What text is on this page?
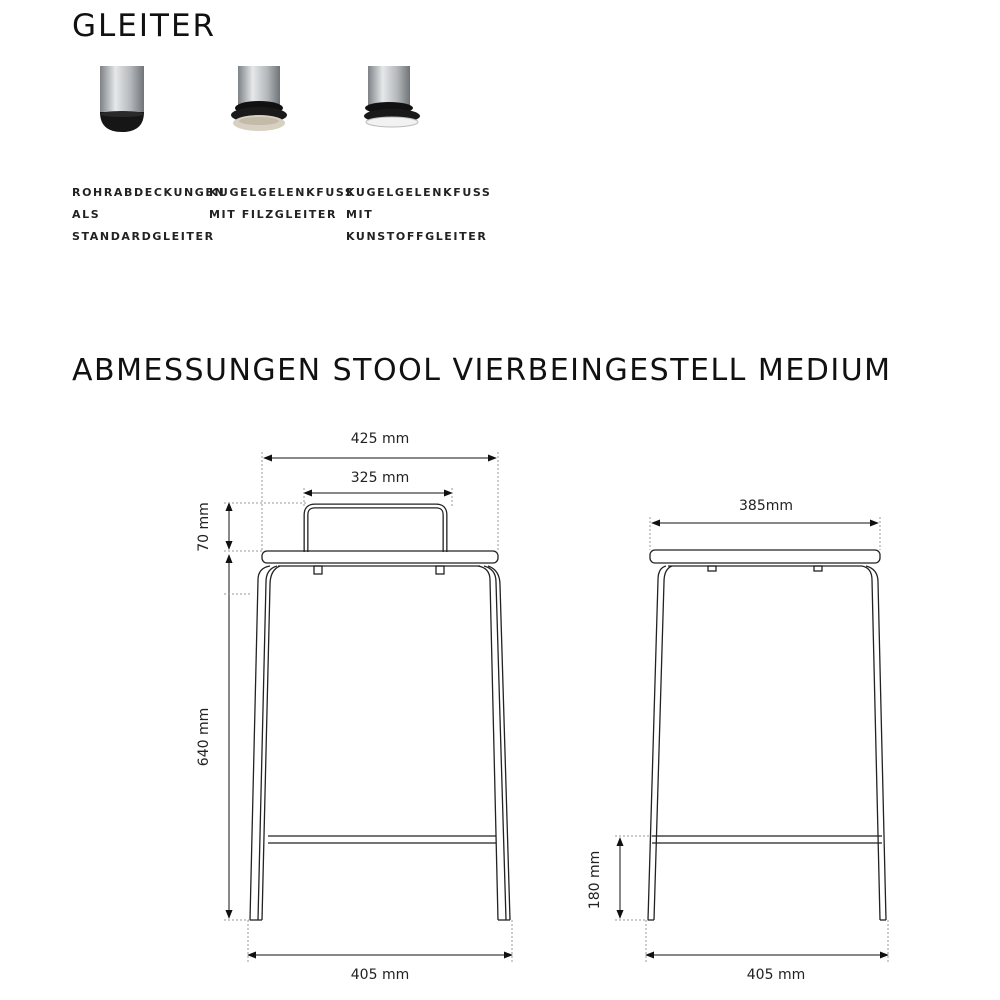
GLEITER
ROHRABDECKUNGEN
ALS
STANDARDGLEITER
KUGELGELENKFUSS
MIT FILZGLEITER
KUGELGELENKFUSS
MIT
KUNSTOFFGLEITER
ABMESSUNGEN STOOL VIERBEINGESTELL MEDIUM
425 mm
325 mm
70 mm
640 mm
405 mm
385mm
180 mm
405 mm
